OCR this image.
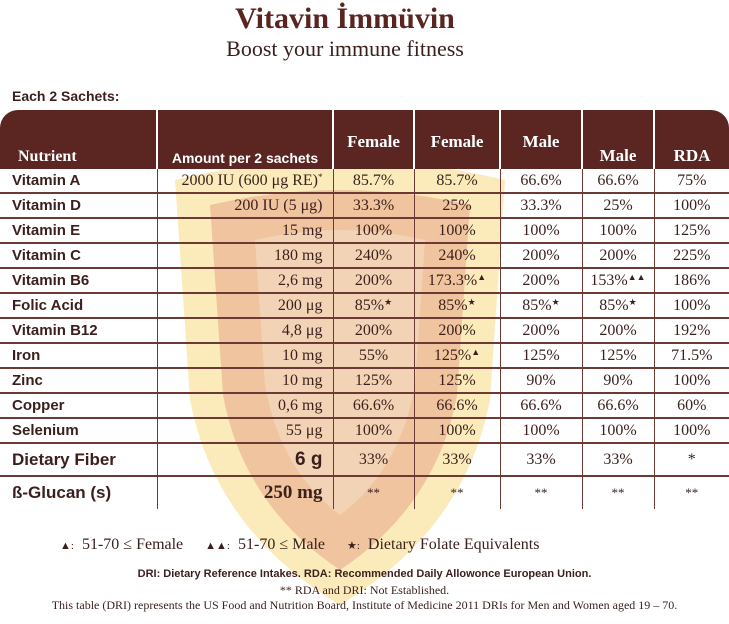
Vitavin İmmüvin
Boost your immune fitness
Each 2 Sachets:
Nutrient	Amount per 2 sachets	Female	Female	Male	Male	RDA
Vitamin A	2000 IU (600 μg RE)*	85.7%	85.7%	66.6%	66.6%	75%
Vitamin D	200 IU (5 μg)	33.3%	25%	33.3%	25%	100%
Vitamin E	15 mg	100%	100%	100%	100%	125%
Vitamin C	180 mg	240%	240%	200%	200%	225%
Vitamin B6	2,6 mg	200%	173.3%▲	200%	153%▲▲	186%
Folic Acid	200 μg	85%★	85%★	85%★	85%★	100%
Vitamin B12	4,8 μg	200%	200%	200%	200%	192%
Iron	10 mg	55%	125%▲	125%	125%	71.5%
Zinc	10 mg	125%	125%	90%	90%	100%
Copper	0,6 mg	66.6%	66.6%	66.6%	66.6%	60%
Selenium	55 μg	100%	100%	100%	100%	100%
Dietary Fiber	6 g	33%	33%	33%	33%	*
ß-Glucan (s)	250 mg	**	**	**	**	**
▲: 51-70 ≤ Female ▲▲: 51-70 ≤ Male ★: Dietary Folate Equivalents
DRI: Dietary Reference Intakes. RDA: Recommended Daily Allowonce European Union.
** RDA and DRI: Not Established.
This table (DRI) represents the US Food and Nutrition Board, Institute of Medicine 2011 DRIs for Men and Women aged 19 – 70.
